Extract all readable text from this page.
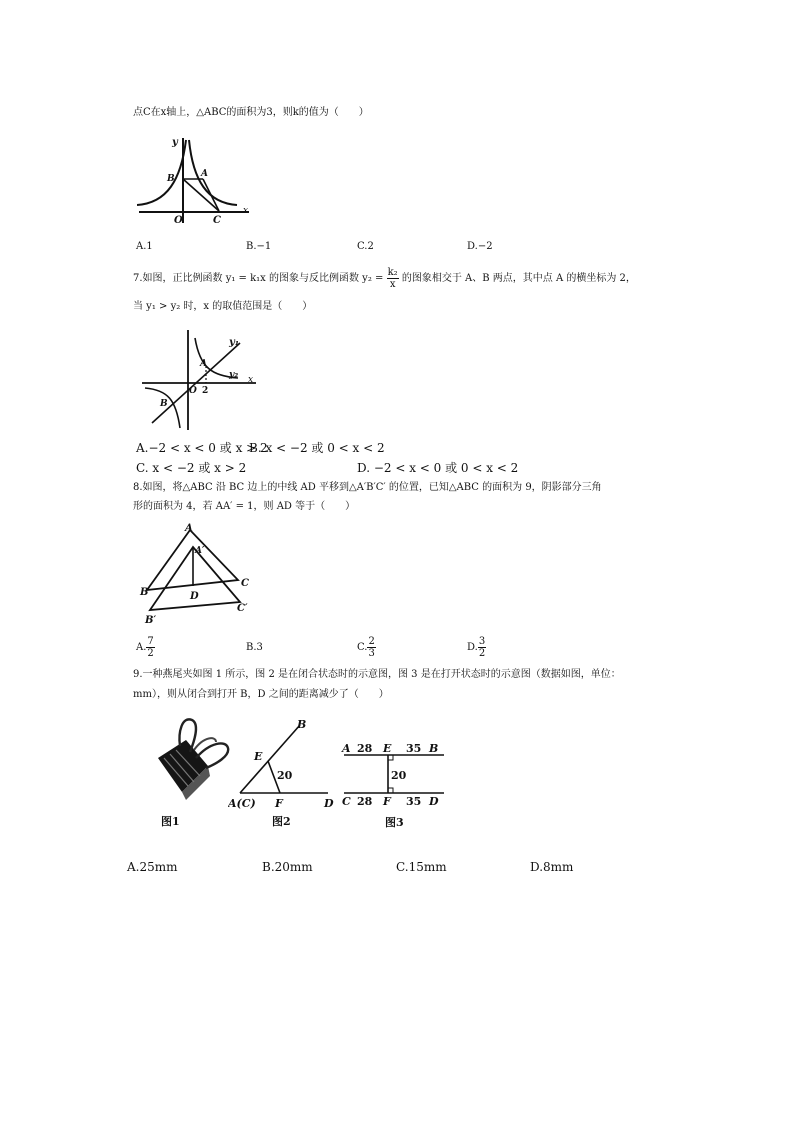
点C在x轴上，△ABC的面积为3，则k的值为（　　）
y
x
O
A
B
C
A.1	B.−1	C.2	D.−2
7.如图，正比例函数 y₁ = k₁x 的图象与反比例函数 $y_2 = \frac{\text{k₂}}{x}$ 的图象相交于 A、B 两点，其中点 A 的横坐标为 2，
当 y₁ > y₂ 时，x 的取值范围是（　　）
y₁
y₂
A
B
O 2
x
A.−2 < x < 0 或 x > 2
B. x < −2 或 0 < x < 2
C. x < −2 或 x > 2	D. −2 < x < 0 或 0 < x < 2
8.如图，将△ABC 沿 BC 边上的中线 AD 平移到△A′B′C′ 的位置，已知△ABC 的面积为 9，阴影部分三角
形的面积为 4，若 AA′ = 1，则 AD 等于（　　）
A
A′
B
C
D
B′
C′
A. $\frac{7}{2}$	B.3	C. $\frac{2}{3}$	D. $\frac{3}{2}$
9.一种燕尾夹如图 1 所示，图 2 是在闭合状态时的示意图，图 3 是在打开状态时的示意图（数据如图，单位：
mm），则从闭合到打开 B，D 之间的距离减少了（　　）
图1
B
E
20
A(C) F	D
图2
A 28 E 35 B
20
C 28 F 35 D
图3
A.25mm	B.20mm	C.15mm	D.8mm
